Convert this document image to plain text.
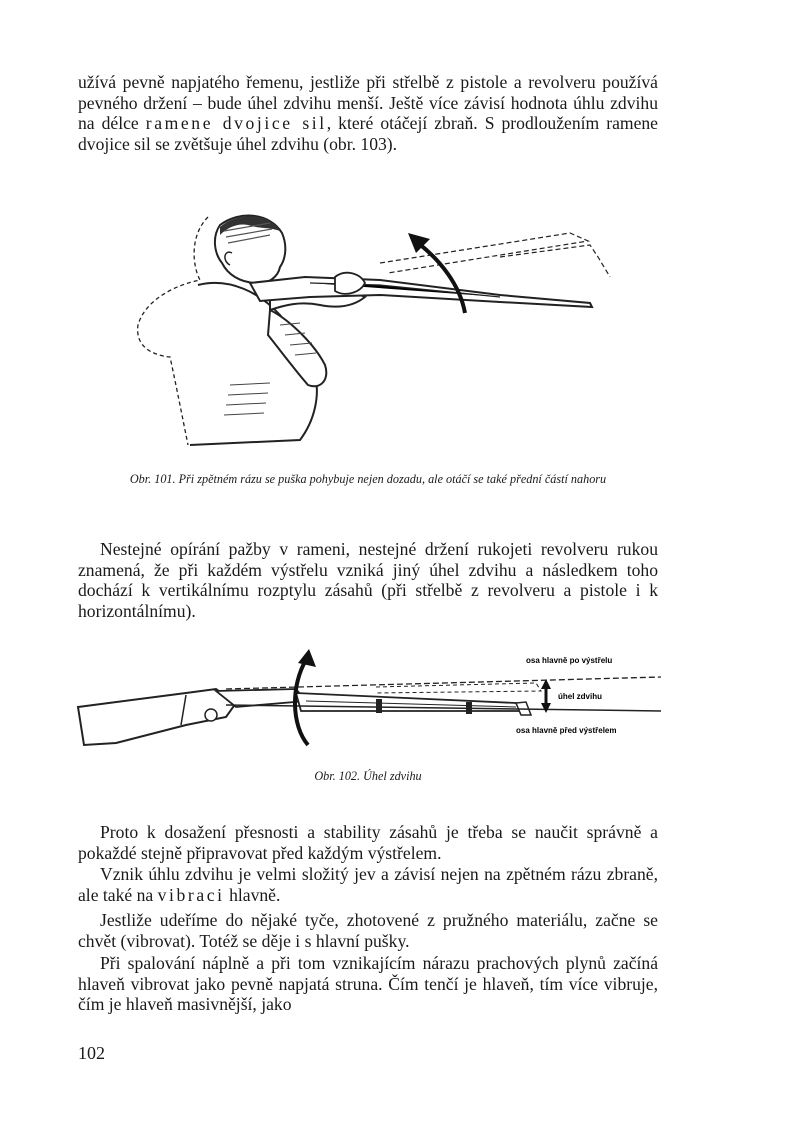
užívá pevně napjatého řemenu, jestliže při střelbě z pistole a revolveru používá pevného držení – bude úhel zdvihu menší. Ještě více závisí hodnota úhlu zdvihu na délce ramene dvojice sil, které otáčejí zbraň. S prodloužením ramene dvojice sil se zvětšuje úhel zdvihu (obr. 103).
Obr. 101. Při zpětném rázu se puška pohybuje nejen dozadu, ale otáčí se také přední částí nahoru
Nestejné opírání pažby v rameni, nestejné držení rukojeti revolveru rukou znamená, že při každém výstřelu vzniká jiný úhel zdvihu a následkem toho dochází k vertikálnímu rozptylu zásahů (při střelbě z revolveru a pistole i k horizontálnímu).
osa hlavně po výstřelu
úhel zdvihu
osa hlavně před výstřelem
Obr. 102. Úhel zdvihu
Proto k dosažení přesnosti a stability zásahů je třeba se naučit správně a pokaždé stejně připravovat před každým výstřelem.
Vznik úhlu zdvihu je velmi složitý jev a závisí nejen na zpětném rázu zbraně, ale také na vibraci hlavně.
Jestliže udeříme do nějaké tyče, zhotovené z pružného materiálu, začne se chvět (vibrovat). Totéž se děje i s hlavní pušky.
Při spalování náplně a při tom vznikajícím nárazu prachových plynů začíná hlaveň vibrovat jako pevně napjatá struna. Čím tenčí je hlaveň, tím více vibruje, čím je hlaveň masivnější, jako
102
